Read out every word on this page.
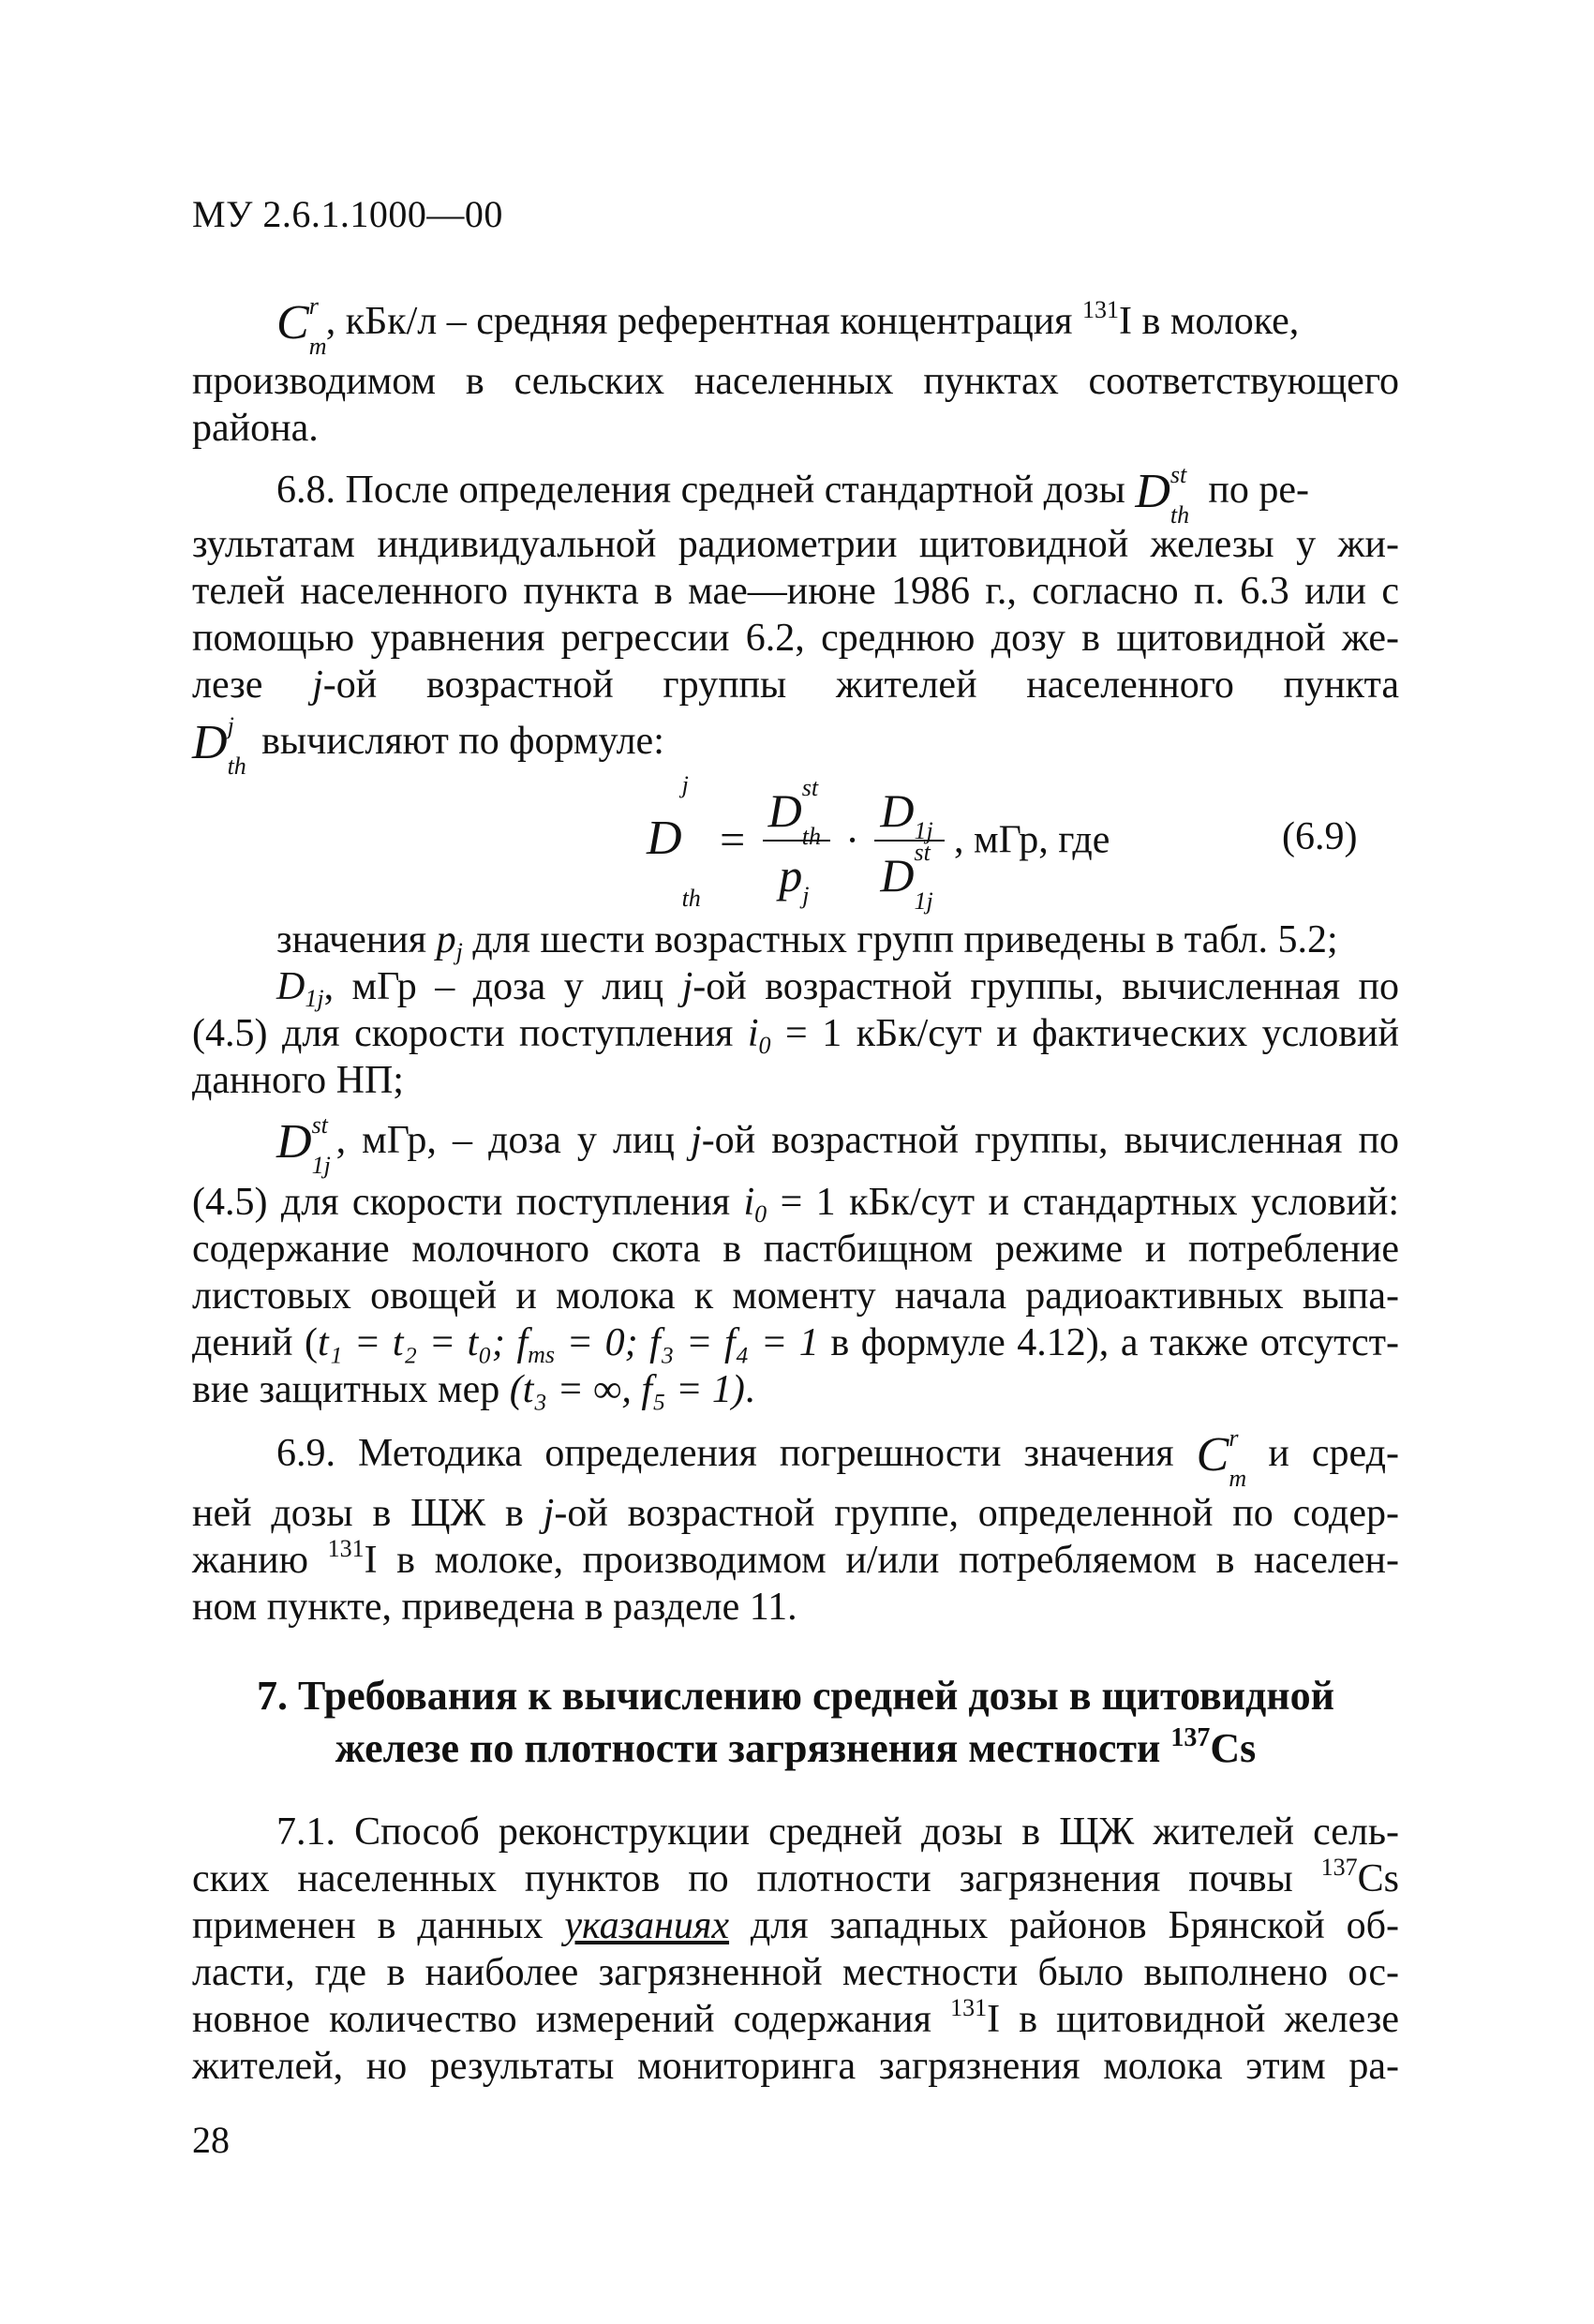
МУ 2.6.1.1000—00
C r
m
, кБк/л – средняя референтная концентрация $^{131}$I в молоке,
производимом в сельских населенных пунктах соответствующего
района.
6.8. После определения средней стандартной дозы D st
th
по ре-
зультатам индивидуальной радиометрии щитовидной железы у жи-
телей населенного пункта в мае—июне 1986 г., согласно п. 6.3 или с
помощью уравнения регрессии 6.2, среднюю дозу в щитовидной же-
лезе j-ой возрастной группы жителей населенного пункта
D j
th
вычисляют по формуле:
D
j
th
= D st
th
p j · D 1j
D st
1j , мГр, где	(6.9)
значения $p_j$ для шести возрастных групп приведены в табл. 5.2;
$D_{1j}$, мГр – доза у лиц j-ой возрастной группы, вычисленная по
(4.5) для скорости поступления $i_0 = 1$ кБк/сут и фактических условий
данного НП;
D st
1j
, мГр, – доза у лиц j-ой возрастной группы, вычисленная по
(4.5) для скорости поступления $i_0 = 1$ кБк/сут и стандартных условий:
содержание молочного скота в пастбищном режиме и потребление
листовых овощей и молока к моменту начала радиоактивных выпа-
дений (t₁ = t₂ = t₀; $f_{ms} = 0$; f₃ = f₄ = 1 в формуле 4.12), а также отсутст-
вие защитных мер (t₃ = ∞, f₅ = 1).
6.9. Методика определения погрешности значения C r
m
и сред-
ней дозы в ЩЖ в j-ой возрастной группе, определенной по содер-
жанию $^{131}$I в молоке, производимом и/или потребляемом в населен-
ном пункте, приведена в разделе 11.
7. Требования к вычислению средней дозы в щитовидной
железе по плотности загрязнения местности $^{137}$Cs
7.1. Способ реконструкции средней дозы в ЩЖ жителей сель-
ских населенных пунктов по плотности загрязнения почвы $^{137}$Cs
применен в данных указаниях для западных районов Брянской об-
ласти, где в наиболее загрязненной местности было выполнено ос-
новное количество измерений содержания $^{131}$I в щитовидной железе
жителей, но результаты мониторинга загрязнения молока этим ра-
28
